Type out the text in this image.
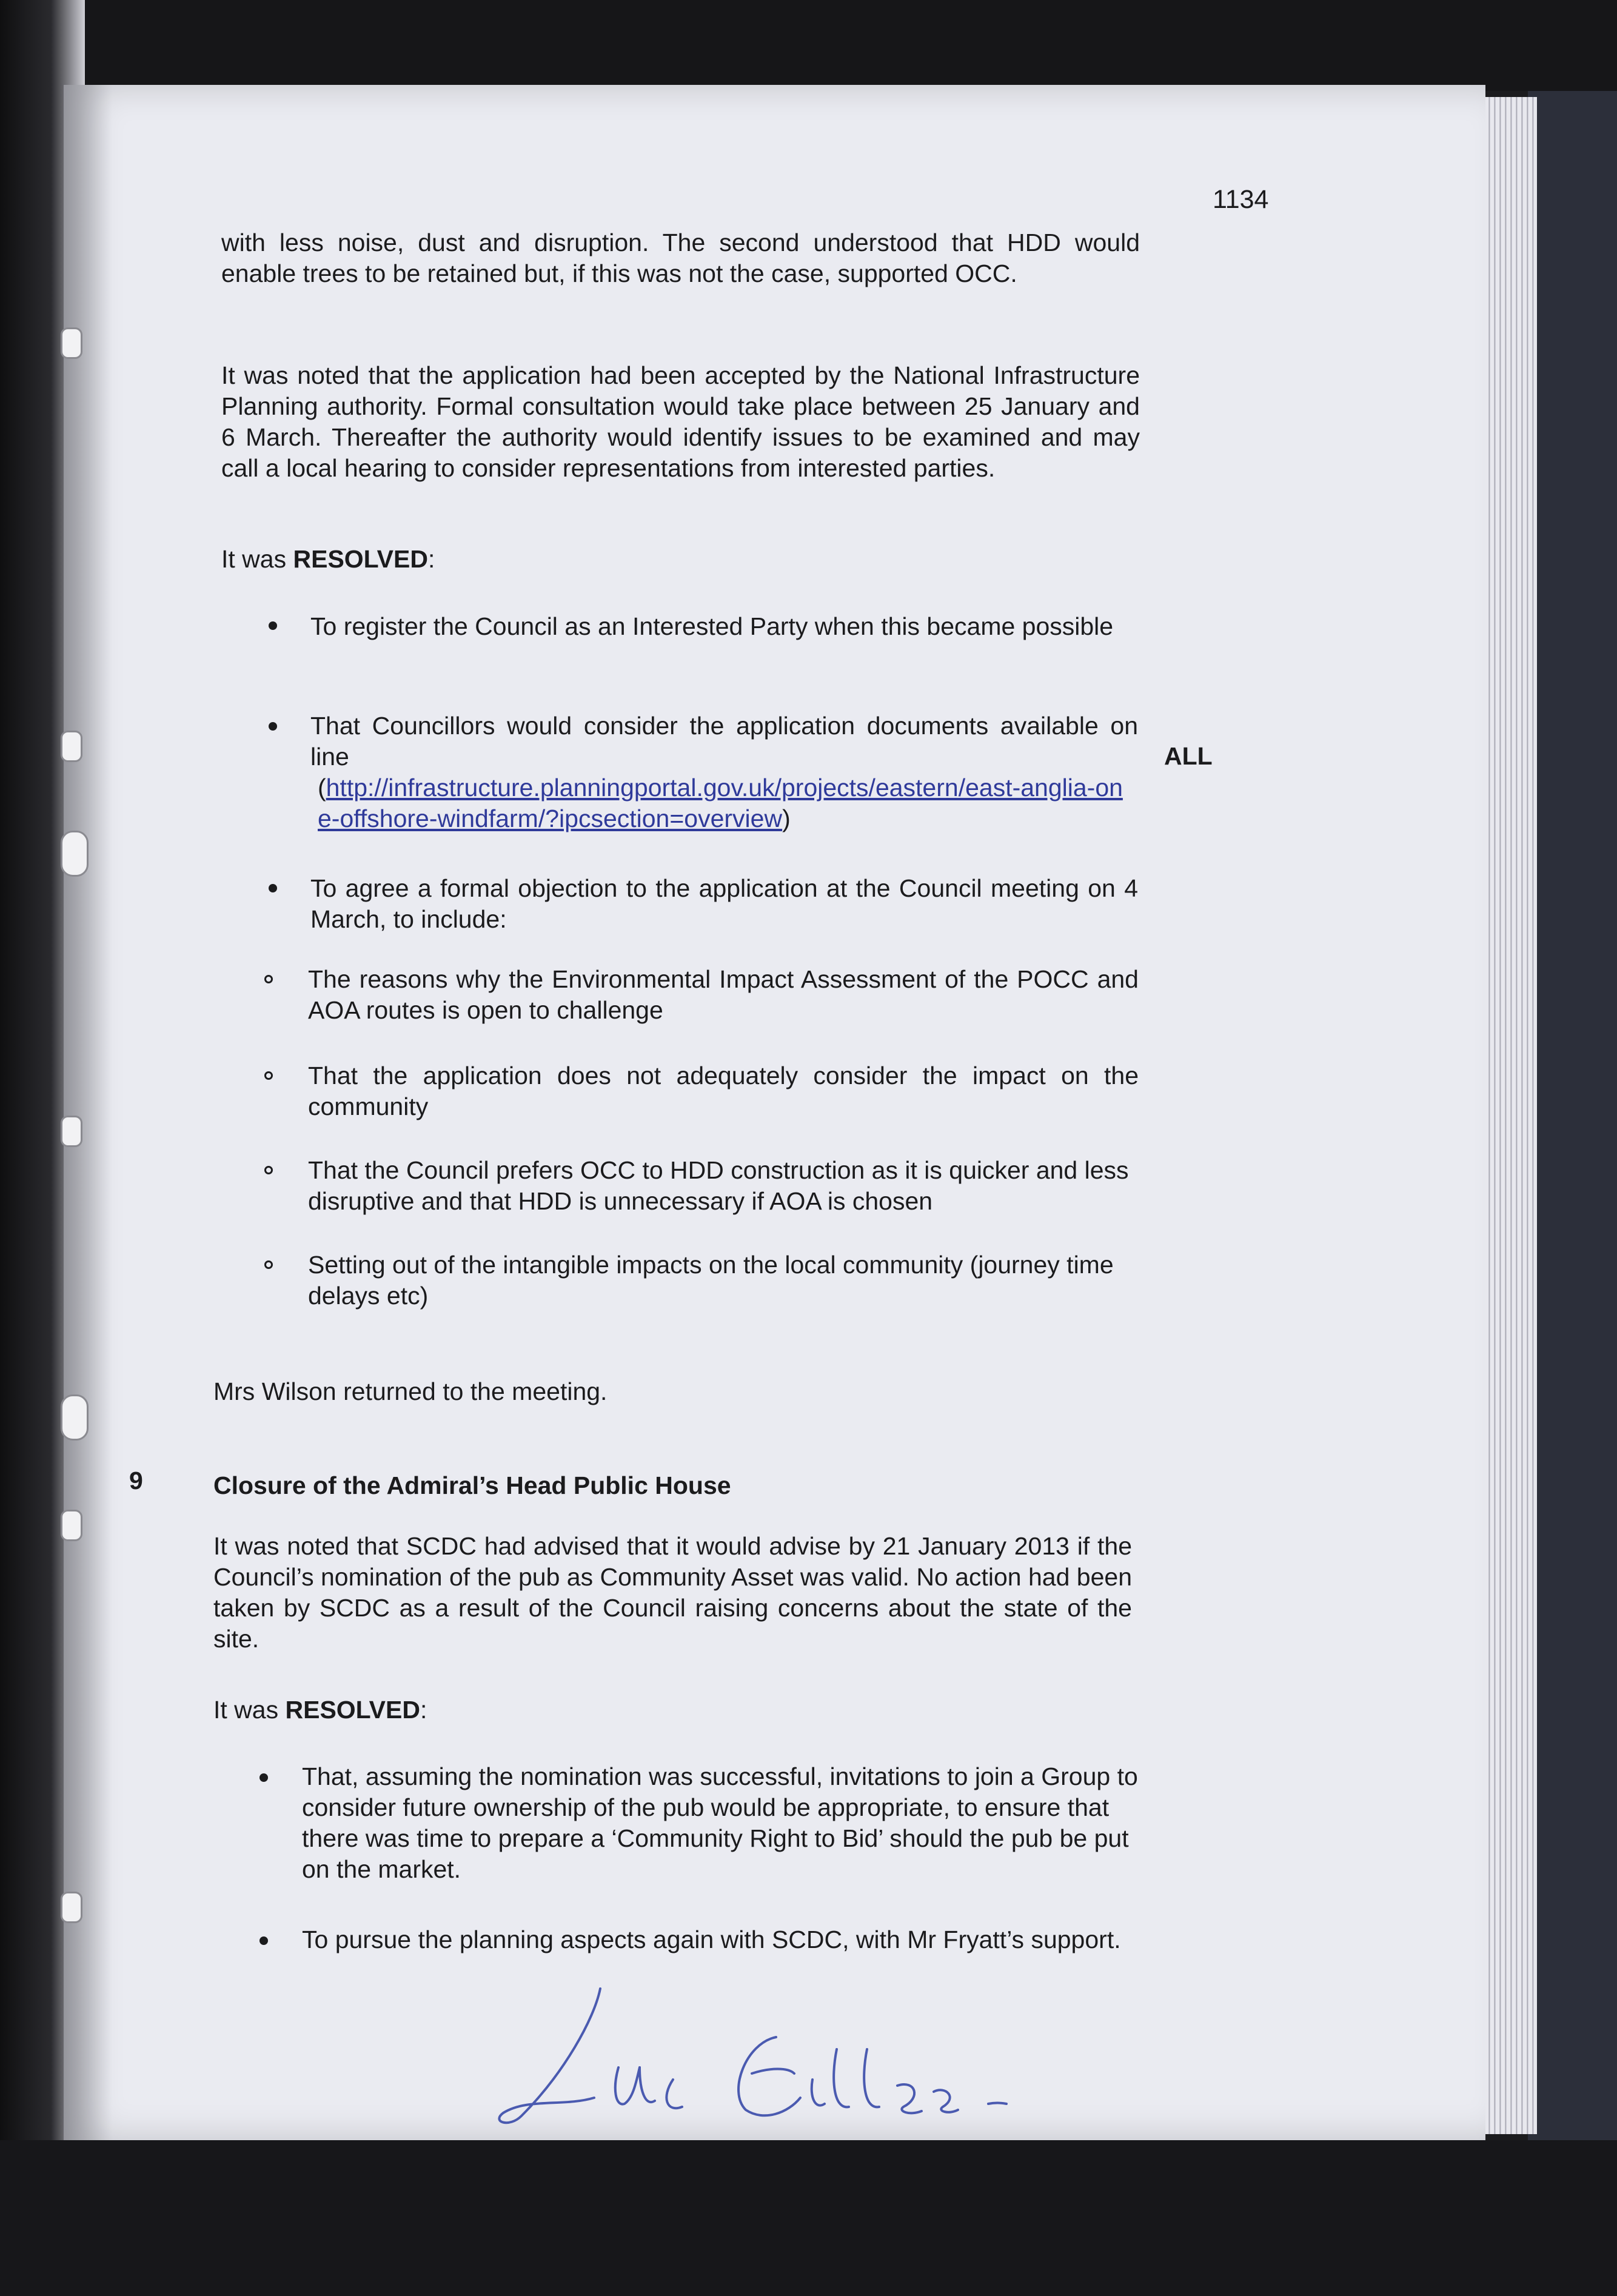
1134

with less noise, dust and disruption. The second understood that HDD would enable trees to be retained but, if this was not the case, supported OCC.

It was noted that the application had been accepted by the National Infrastructure Planning authority. Formal consultation would take place between 25 January and 6 March. Thereafter the authority would identify issues to be examined and may call a local hearing to consider representations from interested parties.

It was RESOLVED:

To register the Council as an Interested Party when this became possible

That Councillors would consider the application documents available on line	ALL

(http://infrastructure.planningportal.gov.uk/projects/eastern/east-anglia-one-offshore-windfarm/?ipcsection=overview)

To agree a formal objection to the application at the Council meeting on 4 March, to include:

The reasons why the Environmental Impact Assessment of the POCC and AOA routes is open to challenge

That the application does not adequately consider the impact on the community

That the Council prefers OCC to HDD construction as it is quicker and less disruptive and that HDD is unnecessary if AOA is chosen

Setting out of the intangible impacts on the local community (journey time delays etc)

Mrs Wilson returned to the meeting.

9	Closure of the Admiral’s Head Public House

It was noted that SCDC had advised that it would advise by 21 January 2013 if the Council’s nomination of the pub as Community Asset was valid. No action had been taken by SCDC as a result of the Council raising concerns about the state of the site.

It was RESOLVED:

That, assuming the nomination was successful, invitations to join a Group to consider future ownership of the pub would be appropriate, to ensure that there was time to prepare a ‘Community Right to Bid’ should the pub be put on the market.

To pursue the planning aspects again with SCDC, with Mr Fryatt’s support.
